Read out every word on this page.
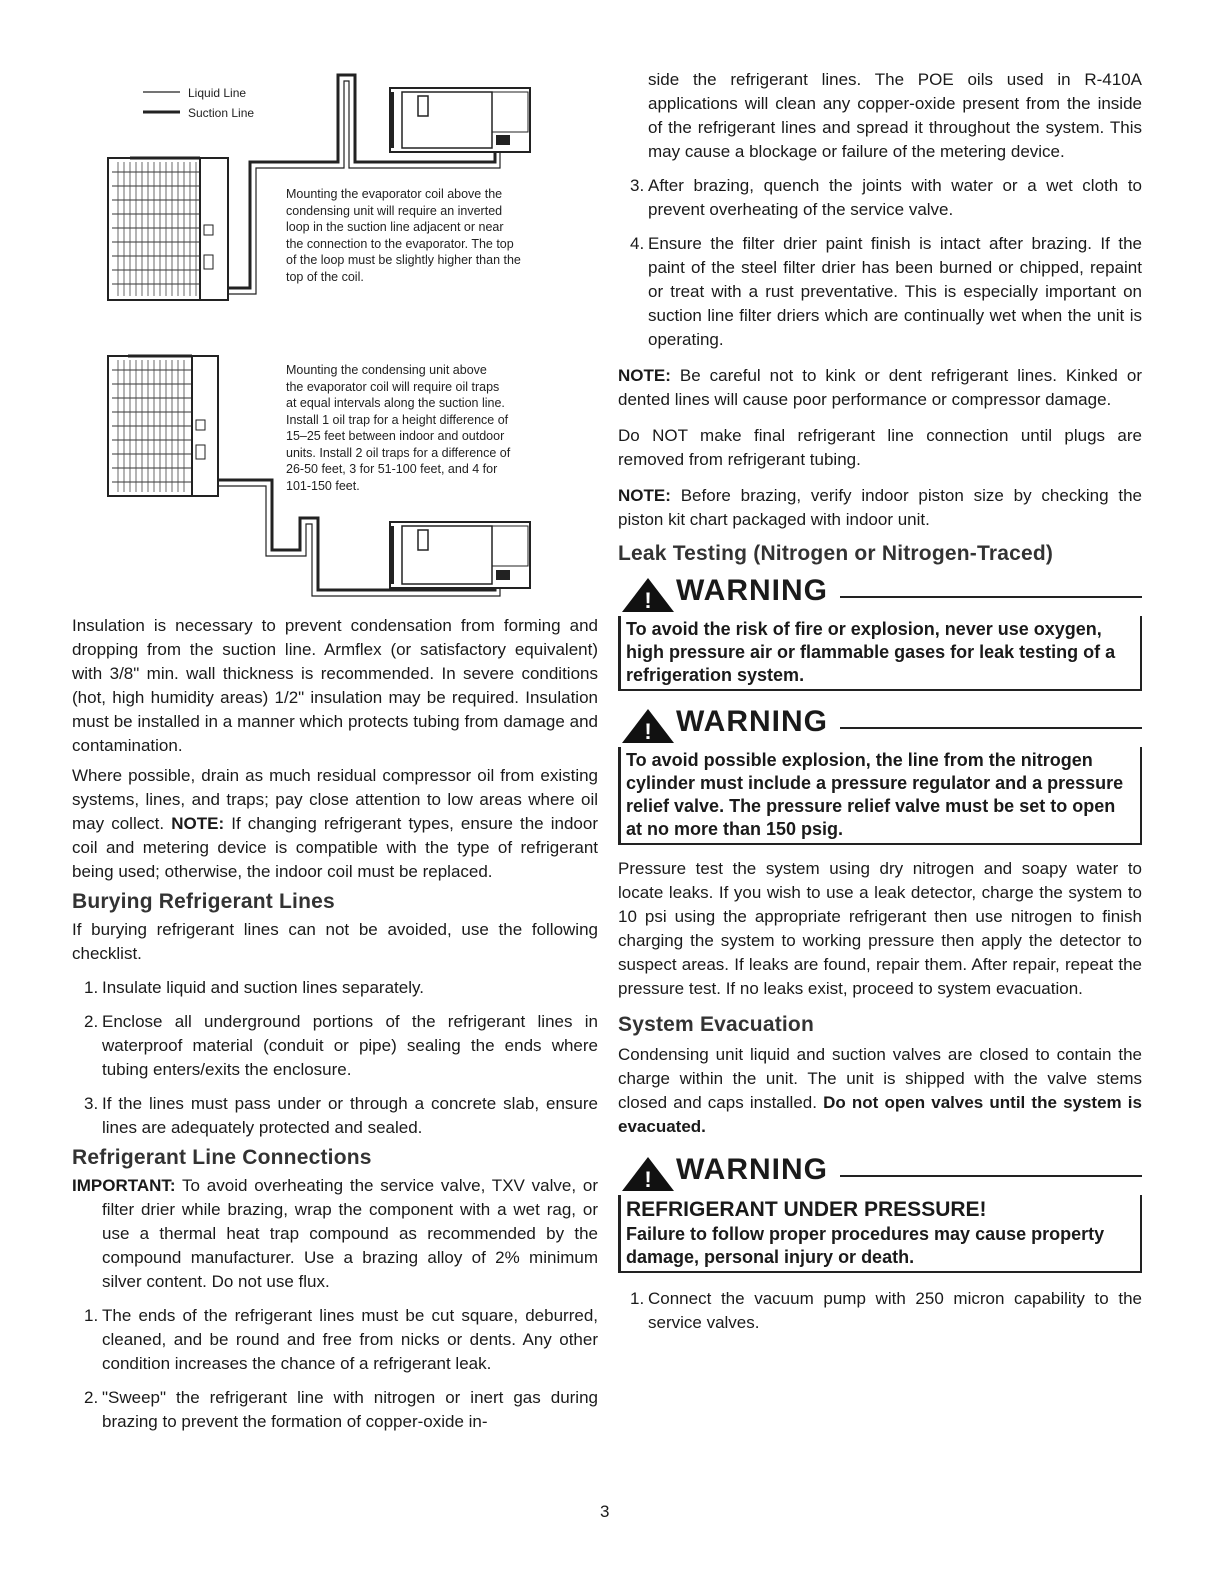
Liquid Line
Suction Line
Mounting the evaporator coil above the
condensing unit will require an inverted
loop in the suction line adjacent or near
the connection to the evaporator. The top
of the loop must be slightly higher than the
top of the coil.
Mounting the condensing unit above
the evaporator coil will require oil traps
at equal intervals along the suction line.
Install 1 oil trap for a height difference of
15–25 feet between indoor and outdoor
units. Install 2 oil traps for a difference of
26-50 feet, 3 for 51-100 feet, and 4 for
101-150 feet.

Insulation is necessary to prevent condensation from forming and dropping from the suction line. Armflex (or satisfactory equivalent) with 3/8" min. wall thickness is recommended. In severe conditions (hot, high humidity areas) 1/2" insulation may be required. Insulation must be installed in a manner which protects tubing from damage and contamination.

Where possible, drain as much residual compressor oil from existing systems, lines, and traps; pay close attention to low areas where oil may collect. NOTE: If changing refrigerant types, ensure the indoor coil and metering device is compatible with the type of refrigerant being used; otherwise, the indoor coil must be replaced.

Burying Refrigerant Lines

If burying refrigerant lines can not be avoided, use the following checklist.

1. Insulate liquid and suction lines separately.
2. Enclose all underground portions of the refrigerant lines in waterproof material (conduit or pipe) sealing the ends where tubing enters/exits the enclosure.
3. If the lines must pass under or through a concrete slab, ensure lines are adequately protected and sealed.
Refrigerant Line Connections
IMPORTANT: To avoid overheating the service valve, TXV valve, or filter drier while brazing, wrap the component with a wet rag, or use a thermal heat trap compound as recommended by the compound manufacturer. Use a brazing alloy of 2% minimum silver content. Do not use flux.
1. The ends of the refrigerant lines must be cut square, deburred, cleaned, and be round and free from nicks or dents. Any other condition increases the chance of a refrigerant leak.
2. "Sweep" the refrigerant line with nitrogen or inert gas during brazing to prevent the formation of copper-oxide in-
side the refrigerant lines. The POE oils used in R-410A applications will clean any copper-oxide present from the inside of the refrigerant lines and spread it throughout the system. This may cause a blockage or failure of the metering device.
3. After brazing, quench the joints with water or a wet cloth to prevent overheating of the service valve.
4. Ensure the filter drier paint finish is intact after brazing. If the paint of the steel filter drier has been burned or chipped, repaint or treat with a rust preventative. This is especially important on suction line filter driers which are continually wet when the unit is operating.

NOTE: Be careful not to kink or dent refrigerant lines. Kinked or dented lines will cause poor performance or compressor damage.

Do NOT make final refrigerant line connection until plugs are removed from refrigerant tubing.

NOTE: Before brazing, verify indoor piston size by checking the piston kit chart packaged with indoor unit.

Leak Testing (Nitrogen or Nitrogen-Traced)
! WARNING
To avoid the risk of fire or explosion, never use oxygen, high pressure air or flammable gases for leak testing of a refrigeration system.
! WARNING
To avoid possible explosion, the line from the nitrogen cylinder must include a pressure regulator and a pressure relief valve. The pressure relief valve must be set to open at no more than 150 psig.

Pressure test the system using dry nitrogen and soapy water to locate leaks. If you wish to use a leak detector, charge the system to 10 psi using the appropriate refrigerant then use nitrogen to finish charging the system to working pressure then apply the detector to suspect areas. If leaks are found, repair them. After repair, repeat the pressure test. If no leaks exist, proceed to system evacuation.

System Evacuation

Condensing unit liquid and suction valves are closed to contain the charge within the unit. The unit is shipped with the valve stems closed and caps installed. Do not open valves until the system is evacuated.

! WARNING
REFRIGERANT UNDER PRESSURE!
Failure to follow proper procedures may cause property damage, personal injury or death.
1. Connect the vacuum pump with 250 micron capability to the service valves.
3
